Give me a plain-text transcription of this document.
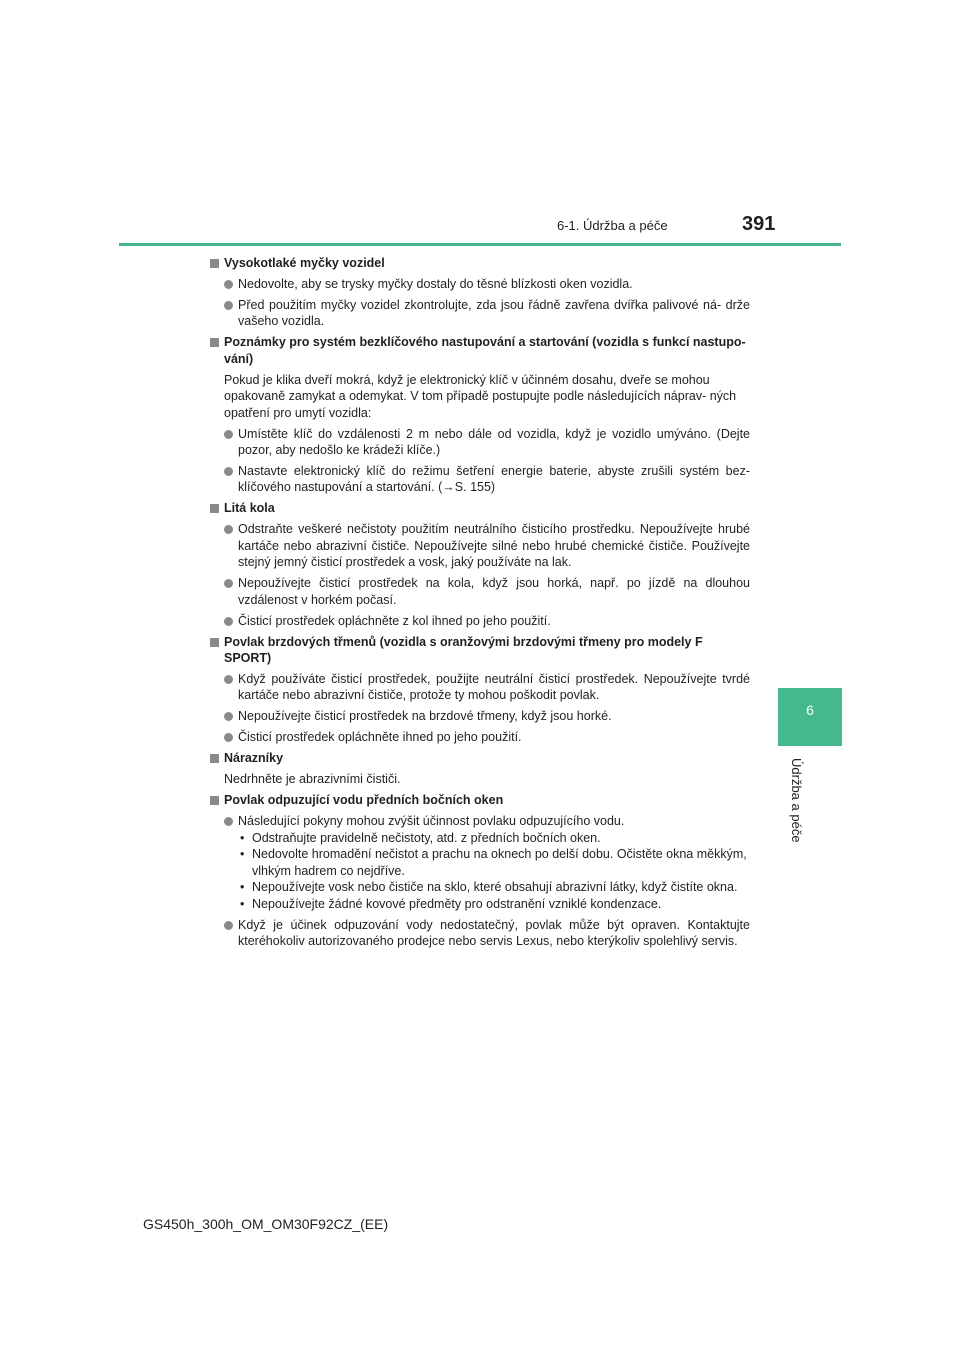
6-1. Údržba a péče	391
6
Údržba a péče
Vysokotlaké myčky vozidel
Nedovolte, aby se trysky myčky dostaly do těsné blízkosti oken vozidla.
Před použitím myčky vozidel zkontrolujte, zda jsou řádně zavřena dvířka palivové ná- drže vašeho vozidla.
Poznámky pro systém bezklíčového nastupování a startování (vozidla s funkcí nastupo- vání)
Pokud je klika dveří mokrá, když je elektronický klíč v účinném dosahu, dveře se mohou opakovaně zamykat a odemykat. V tom případě postupujte podle následujících náprav- ných opatření pro umytí vozidla:
Umístěte klíč do vzdálenosti 2 m nebo dále od vozidla, když je vozidlo umýváno. (Dejte pozor, aby nedošlo ke krádeži klíče.)
Nastavte elektronický klíč do režimu šetření energie baterie, abyste zrušili systém bez- klíčového nastupování a startování. (→S. 155)
Litá kola
Odstraňte veškeré nečistoty použitím neutrálního čisticího prostředku. Nepoužívejte hrubé kartáče nebo abrazivní čističe. Nepoužívejte silné nebo hrubé chemické čističe. Používejte stejný jemný čisticí prostředek a vosk, jaký používáte na lak.
Nepoužívejte čisticí prostředek na kola, když jsou horká, např. po jízdě na dlouhou vzdálenost v horkém počasí.
Čisticí prostředek opláchněte z kol ihned po jeho použití.
Povlak brzdových třmenů (vozidla s oranžovými brzdovými třmeny pro modely F SPORT)
Když používáte čisticí prostředek, použijte neutrální čisticí prostředek. Nepoužívejte tvrdé kartáče nebo abrazivní čističe, protože ty mohou poškodit povlak.
Nepoužívejte čisticí prostředek na brzdové třmeny, když jsou horké.
Čisticí prostředek opláchněte ihned po jeho použití.
Nárazníky
Nedrhněte je abrazivními čističi.
Povlak odpuzující vodu předních bočních oken
Následující pokyny mohou zvýšit účinnost povlaku odpuzujícího vodu.
• Odstraňujte pravidelně nečistoty, atd. z předních bočních oken.
• Nedovolte hromadění nečistot a prachu na oknech po delší dobu. Očistěte okna měkkým, vlhkým hadrem co nejdříve.
• Nepoužívejte vosk nebo čističe na sklo, které obsahují abrazivní látky, když čistíte okna.
• Nepoužívejte žádné kovové předměty pro odstranění vzniklé kondenzace.
Když je účinek odpuzování vody nedostatečný, povlak může být opraven. Kontaktujte kteréhokoliv autorizovaného prodejce nebo servis Lexus, nebo kterýkoliv spolehlivý servis.
GS450h_300h_OM_OM30F92CZ_(EE)
